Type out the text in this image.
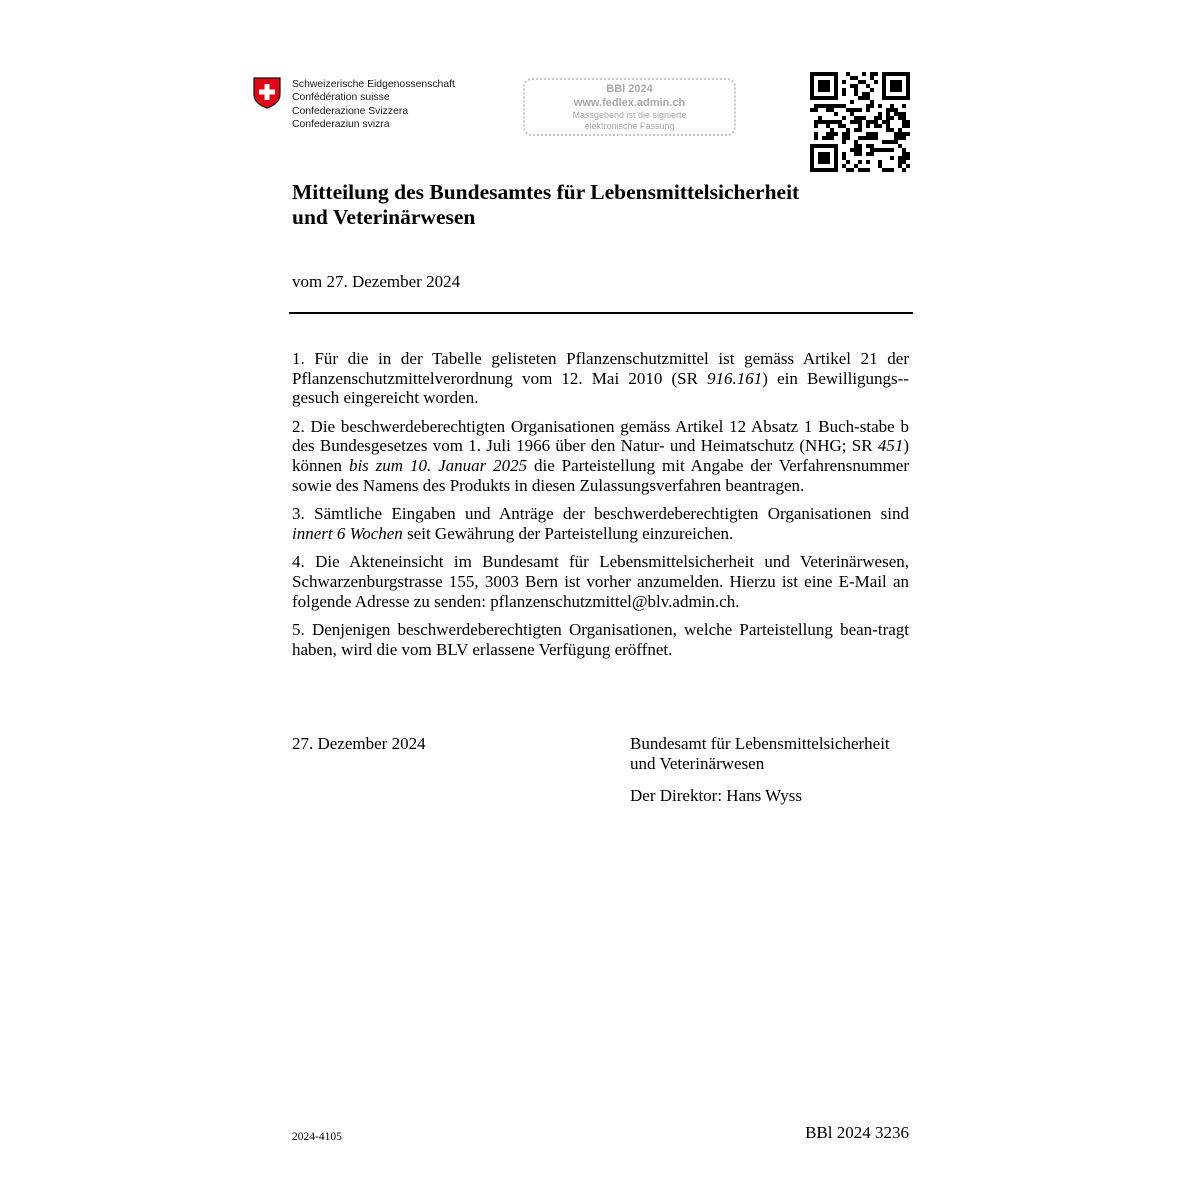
Schweizerische Eidgenossenschaft
Confédération suisse
Confederazione Svizzera
Confederaziun svizra
BBl 2024
www.fedlex.admin.ch
Massgebend ist die signierte
elektronische Fassung
Mitteilung des Bundesamtes für Lebensmittelsicherheit
und Veterinärwesen
vom 27. Dezember 2024

1. Für die in der Tabelle gelisteten Pflanzenschutzmittel ist gemäss Artikel 21 der Pflanzenschutzmittelverordnung vom 12. Mai 2010 (SR 916.161) ein Bewilligungs-gesuch eingereicht worden.

2. Die beschwerdeberechtigten Organisationen gemäss Artikel 12 Absatz 1 Buch-stabe b des Bundesgesetzes vom 1. Juli 1966 über den Natur- und Heimatschutz (NHG; SR 451) können bis zum 10. Januar 2025 die Parteistellung mit Angabe der Verfahrensnummer sowie des Namens des Produkts in diesen Zulassungsverfahren beantragen.

3. Sämtliche Eingaben und Anträge der beschwerdeberechtigten Organisationen sind innert 6 Wochen seit Gewährung der Parteistellung einzureichen.

4. Die Akteneinsicht im Bundesamt für Lebensmittelsicherheit und Veterinärwesen, Schwarzenburgstrasse 155, 3003 Bern ist vorher anzumelden. Hierzu ist eine E-Mail an folgende Adresse zu senden: pflanzenschutzmittel@blv.admin.ch.

5. Denjenigen beschwerdeberechtigten Organisationen, welche Parteistellung bean-tragt haben, wird die vom BLV erlassene Verfügung eröffnet.

27. Dezember 2024	Bundesamt für Lebensmittelsicherheit
und Veterinärwesen
Der Direktor: Hans Wyss
2024-4105	BBl 2024 3236
